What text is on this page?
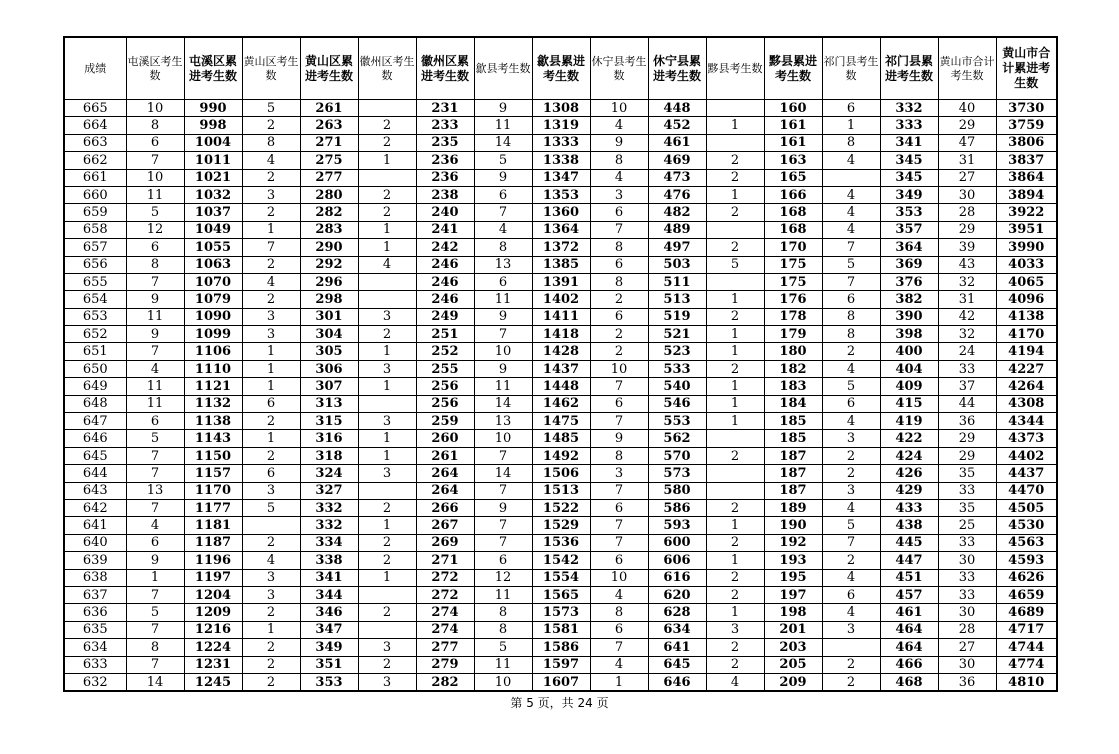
成绩	屯溪区考生数	屯溪区累进考生数	黄山区考生数	黄山区累进考生数	徽州区考生数	徽州区累进考生数	歙县考生数	歙县累进考生数	休宁县考生数	休宁县累进考生数	黟县考生数	黟县累进考生数	祁门县考生数	祁门县累进考生数	黄山市合计考生数	黄山市合计累进考生数
665	10	990	5	261		231	9	1308	10	448		160	6	332	40	3730
664	8	998	2	263	2	233	11	1319	4	452	1	161	1	333	29	3759
663	6	1004	8	271	2	235	14	1333	9	461		161	8	341	47	3806
662	7	1011	4	275	1	236	5	1338	8	469	2	163	4	345	31	3837
661	10	1021	2	277		236	9	1347	4	473	2	165		345	27	3864
660	11	1032	3	280	2	238	6	1353	3	476	1	166	4	349	30	3894
659	5	1037	2	282	2	240	7	1360	6	482	2	168	4	353	28	3922
658	12	1049	1	283	1	241	4	1364	7	489		168	4	357	29	3951
657	6	1055	7	290	1	242	8	1372	8	497	2	170	7	364	39	3990
656	8	1063	2	292	4	246	13	1385	6	503	5	175	5	369	43	4033
655	7	1070	4	296		246	6	1391	8	511		175	7	376	32	4065
654	9	1079	2	298		246	11	1402	2	513	1	176	6	382	31	4096
653	11	1090	3	301	3	249	9	1411	6	519	2	178	8	390	42	4138
652	9	1099	3	304	2	251	7	1418	2	521	1	179	8	398	32	4170
651	7	1106	1	305	1	252	10	1428	2	523	1	180	2	400	24	4194
650	4	1110	1	306	3	255	9	1437	10	533	2	182	4	404	33	4227
649	11	1121	1	307	1	256	11	1448	7	540	1	183	5	409	37	4264
648	11	1132	6	313		256	14	1462	6	546	1	184	6	415	44	4308
647	6	1138	2	315	3	259	13	1475	7	553	1	185	4	419	36	4344
646	5	1143	1	316	1	260	10	1485	9	562		185	3	422	29	4373
645	7	1150	2	318	1	261	7	1492	8	570	2	187	2	424	29	4402
644	7	1157	6	324	3	264	14	1506	3	573		187	2	426	35	4437
643	13	1170	3	327		264	7	1513	7	580		187	3	429	33	4470
642	7	1177	5	332	2	266	9	1522	6	586	2	189	4	433	35	4505
641	4	1181		332	1	267	7	1529	7	593	1	190	5	438	25	4530
640	6	1187	2	334	2	269	7	1536	7	600	2	192	7	445	33	4563
639	9	1196	4	338	2	271	6	1542	6	606	1	193	2	447	30	4593
638	1	1197	3	341	1	272	12	1554	10	616	2	195	4	451	33	4626
637	7	1204	3	344		272	11	1565	4	620	2	197	6	457	33	4659
636	5	1209	2	346	2	274	8	1573	8	628	1	198	4	461	30	4689
635	7	1216	1	347		274	8	1581	6	634	3	201	3	464	28	4717
634	8	1224	2	349	3	277	5	1586	7	641	2	203		464	27	4744
633	7	1231	2	351	2	279	11	1597	4	645	2	205	2	466	30	4774
632	14	1245	2	353	3	282	10	1607	1	646	4	209	2	468	36	4810
第 5 页，共 24 页
